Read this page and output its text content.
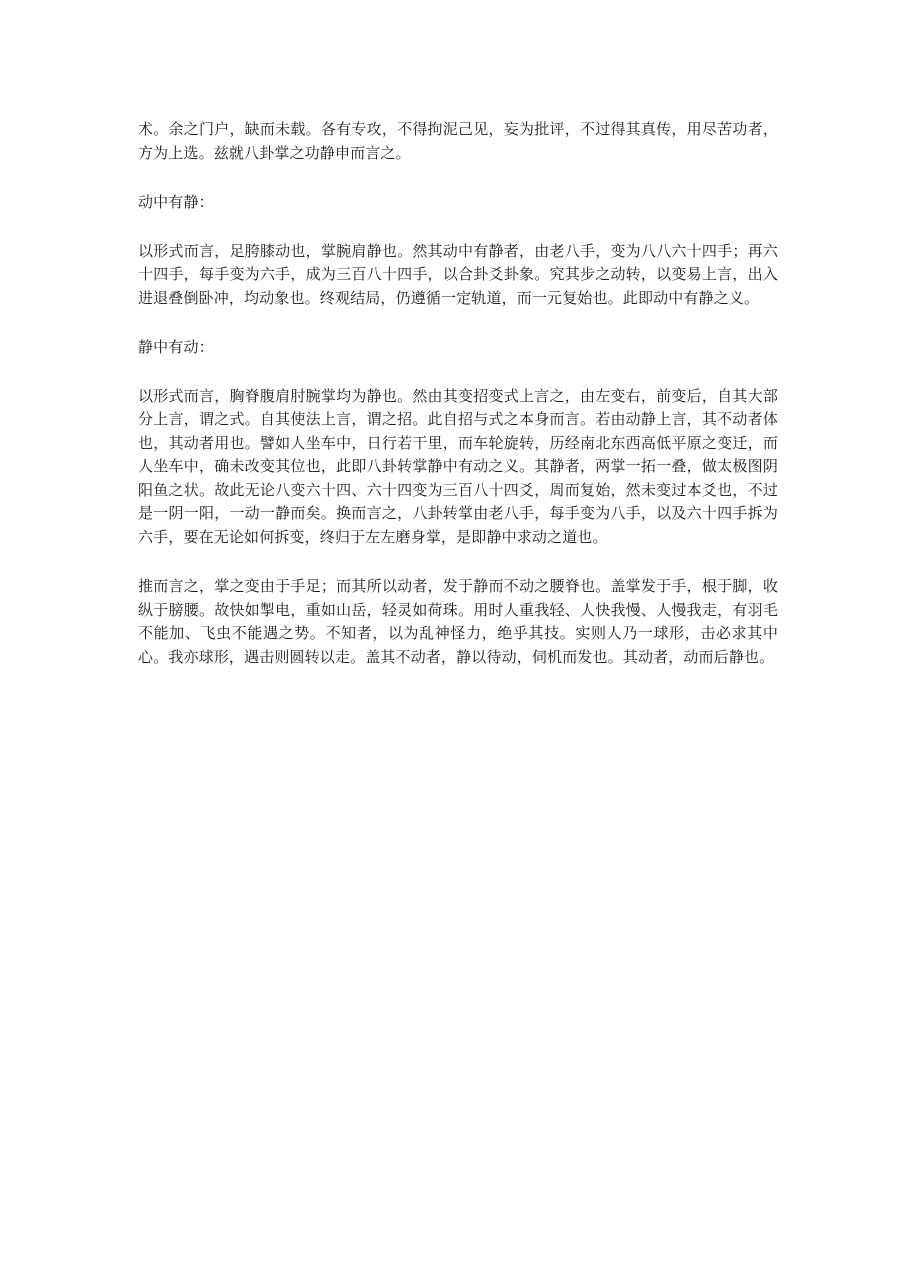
术。余之门户，缺而未载。各有专攻，不得拘泥己见，妄为批评，不过得其真传，用尽苦功者，方为上选。兹就八卦掌之功静申而言之。

动中有静：

以形式而言，足胯膝动也，掌腕肩静也。然其动中有静者，由老八手，变为八八六十四手；再六十四手，每手变为六手，成为三百八十四手，以合卦爻卦象。究其步之动转，以变易上言，出入进退叠倒卧冲，均动象也。终观结局，仍遵循一定轨道，而一元复始也。此即动中有静之义。

静中有动：

以形式而言，胸脊腹肩肘腕掌均为静也。然由其变招变式上言之，由左变右，前变后，自其大部分上言，谓之式。自其使法上言，谓之招。此自招与式之本身而言。若由动静上言，其不动者体也，其动者用也。譬如人坐车中，日行若干里，而车轮旋转，历经南北东西高低平原之变迁，而人坐车中，确未改变其位也，此即八卦转掌静中有动之义。其静者，两掌一拓一叠，做太极图阴阳鱼之状。故此无论八变六十四、六十四变为三百八十四爻，周而复始，然未变过本爻也，不过是一阴一阳，一动一静而矣。换而言之，八卦转掌由老八手，每手变为八手，以及六十四手拆为六手，要在无论如何拆变，终归于左左磨身掌，是即静中求动之道也。

推而言之，掌之变由于手足；而其所以动者，发于静而不动之腰脊也。盖掌发于手，根于脚，收纵于膀腰。故快如掣电，重如山岳，轻灵如荷珠。用时人重我轻、人快我慢、人慢我走，有羽毛不能加、飞虫不能遇之势。不知者，以为乱神怪力，绝乎其技。实则人乃一球形，击必求其中心。我亦球形，遇击则圆转以走。盖其不动者，静以待动，伺机而发也。其动者，动而后静也。
